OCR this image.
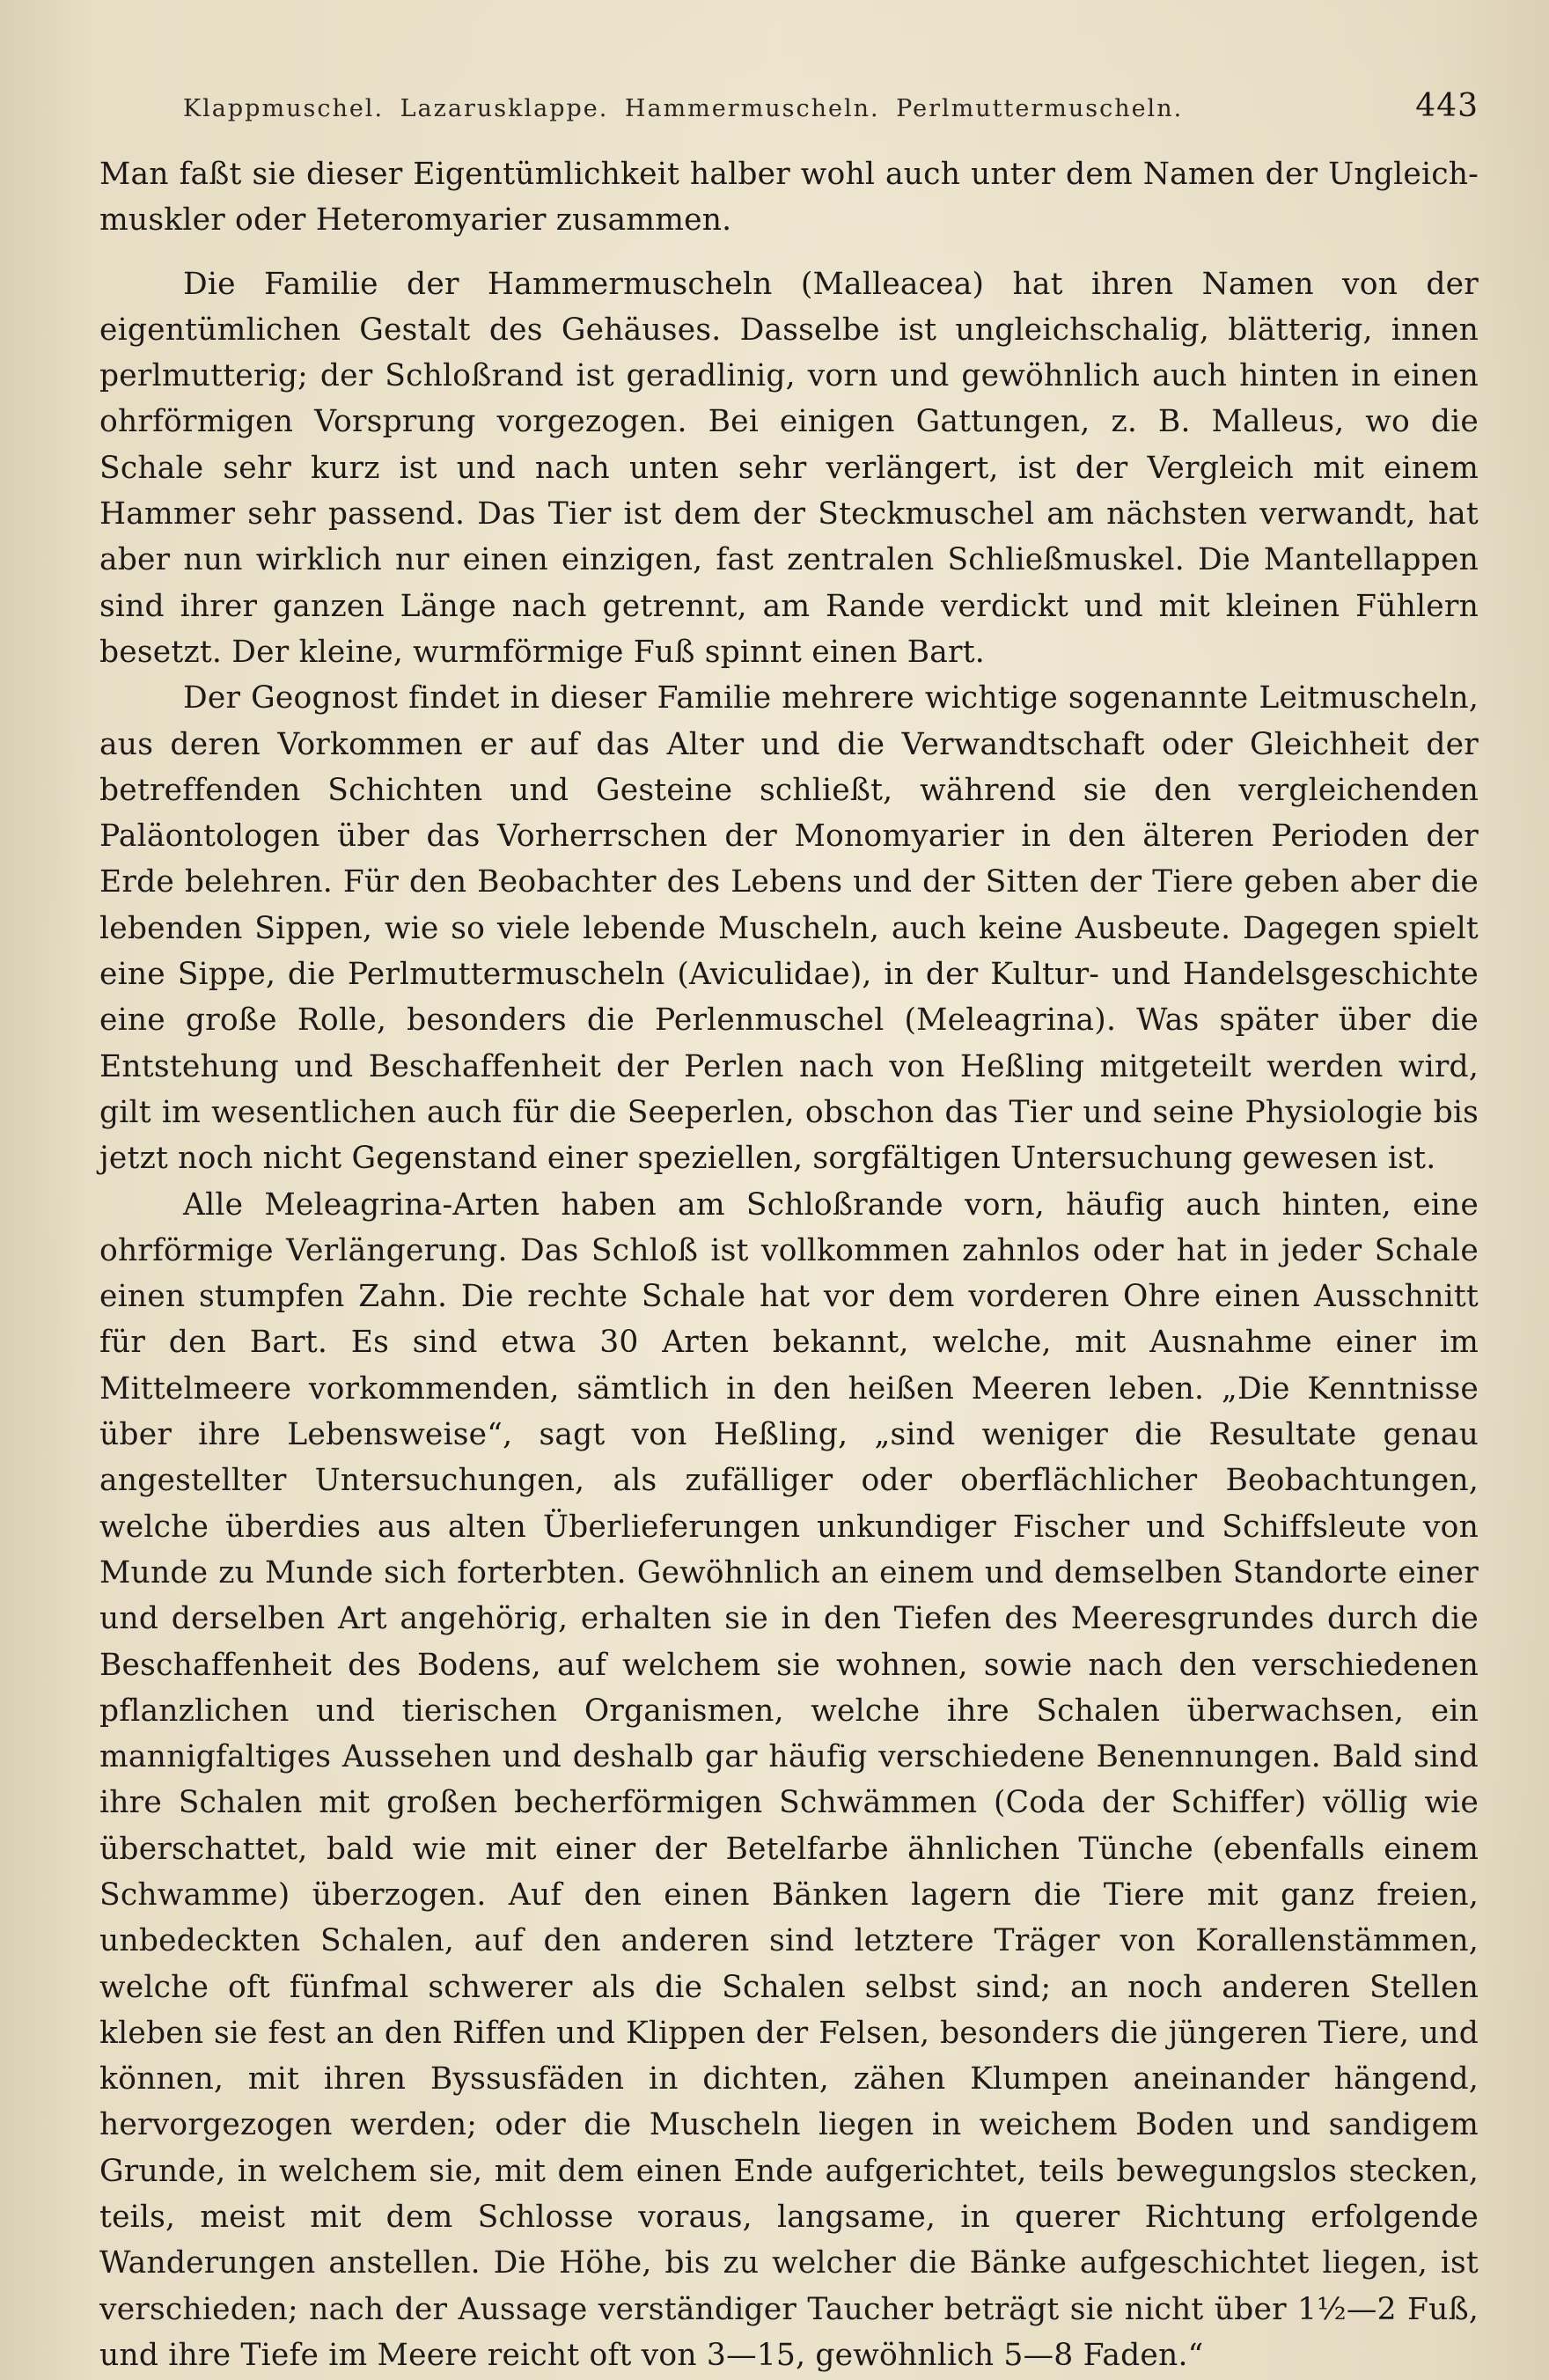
Klappmuschel. Lazarusklappe. Hammermuscheln. Perlmuttermuscheln.	443

Man faßt sie dieser Eigentümlichkeit halber wohl auch unter dem Namen der Ungleich-muskler oder Heteromyarier zusammen.

Die Familie der Hammermuscheln (Malleacea) hat ihren Namen von der eigentümlichen Gestalt des Gehäuses. Dasselbe ist ungleichschalig, blätterig, innen perlmutterig; der Schloßrand ist geradlinig, vorn und gewöhnlich auch hinten in einen ohrförmigen Vorsprung vorgezogen. Bei einigen Gattungen, z. B. Malleus, wo die Schale sehr kurz ist und nach unten sehr verlängert, ist der Vergleich mit einem Hammer sehr passend. Das Tier ist dem der Steckmuschel am nächsten verwandt, hat aber nun wirklich nur einen einzigen, fast zentralen Schließmuskel. Die Mantellappen sind ihrer ganzen Länge nach getrennt, am Rande verdickt und mit kleinen Fühlern besetzt. Der kleine, wurmförmige Fuß spinnt einen Bart.

Der Geognost findet in dieser Familie mehrere wichtige sogenannte Leitmuscheln, aus deren Vorkommen er auf das Alter und die Verwandtschaft oder Gleichheit der betreffenden Schichten und Gesteine schließt, während sie den vergleichenden Paläontologen über das Vorherrschen der Monomyarier in den älteren Perioden der Erde belehren. Für den Beobachter des Lebens und der Sitten der Tiere geben aber die lebenden Sippen, wie so viele lebende Muscheln, auch keine Ausbeute. Dagegen spielt eine Sippe, die Perlmuttermuscheln (Aviculidae), in der Kultur- und Handelsgeschichte eine große Rolle, besonders die Perlenmuschel (Meleagrina). Was später über die Entstehung und Beschaffenheit der Perlen nach von Heßling mitgeteilt werden wird, gilt im wesentlichen auch für die Seeperlen, obschon das Tier und seine Physiologie bis jetzt noch nicht Gegenstand einer speziellen, sorgfältigen Untersuchung gewesen ist.

Alle Meleagrina-Arten haben am Schloßrande vorn, häufig auch hinten, eine ohrförmige Verlängerung. Das Schloß ist vollkommen zahnlos oder hat in jeder Schale einen stumpfen Zahn. Die rechte Schale hat vor dem vorderen Ohre einen Ausschnitt für den Bart. Es sind etwa 30 Arten bekannt, welche, mit Ausnahme einer im Mittelmeere vorkommenden, sämtlich in den heißen Meeren leben. „Die Kenntnisse über ihre Lebensweise“, sagt von Heßling, „sind weniger die Resultate genau angestellter Untersuchungen, als zufälliger oder oberflächlicher Beobachtungen, welche überdies aus alten Überlieferungen unkundiger Fischer und Schiffsleute von Munde zu Munde sich forterbten. Gewöhnlich an einem und demselben Standorte einer und derselben Art angehörig, erhalten sie in den Tiefen des Meeresgrundes durch die Beschaffenheit des Bodens, auf welchem sie wohnen, sowie nach den verschiedenen pflanzlichen und tierischen Organismen, welche ihre Schalen überwachsen, ein mannigfaltiges Aussehen und deshalb gar häufig verschiedene Benennungen. Bald sind ihre Schalen mit großen becherförmigen Schwämmen (Coda der Schiffer) völlig wie überschattet, bald wie mit einer der Betelfarbe ähnlichen Tünche (ebenfalls einem Schwamme) überzogen. Auf den einen Bänken lagern die Tiere mit ganz freien, unbedeckten Schalen, auf den anderen sind letztere Träger von Korallenstämmen, welche oft fünfmal schwerer als die Schalen selbst sind; an noch anderen Stellen kleben sie fest an den Riffen und Klippen der Felsen, besonders die jüngeren Tiere, und können, mit ihren Byssusfäden in dichten, zähen Klumpen aneinander hängend, hervorgezogen werden; oder die Muscheln liegen in weichem Boden und sandigem Grunde, in welchem sie, mit dem einen Ende aufgerichtet, teils bewegungslos stecken, teils, meist mit dem Schlosse voraus, langsame, in querer Richtung erfolgende Wanderungen anstellen. Die Höhe, bis zu welcher die Bänke aufgeschichtet liegen, ist verschieden; nach der Aussage verständiger Taucher beträgt sie nicht über 1½—2 Fuß, und ihre Tiefe im Meere reicht oft von 3—15, gewöhnlich 5—8 Faden.“
